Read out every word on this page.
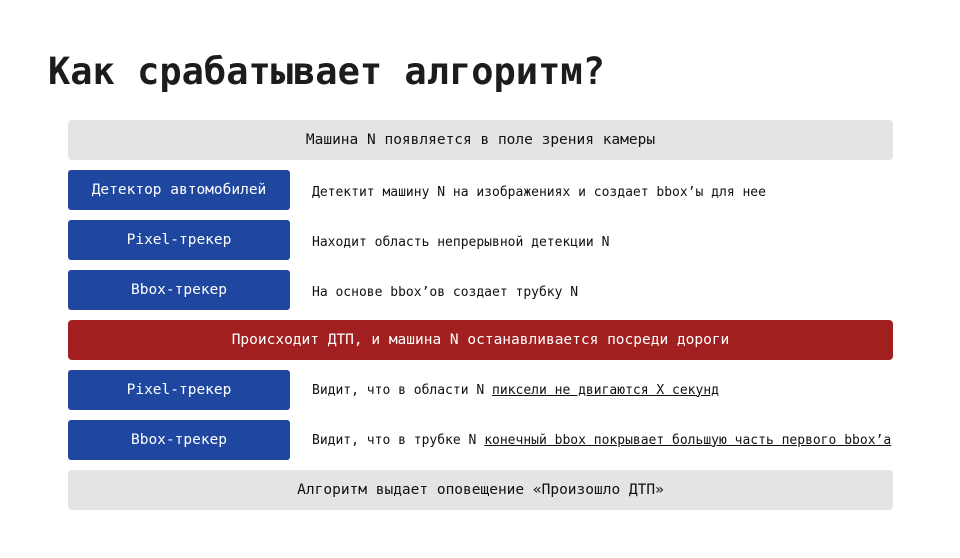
Как срабатывает алгоритм?
Машина N появляется в поле зрения камеры
Детектор автомобилей	Детектит машину N на изображениях и создает bbox’ы для нее
Pixel-трекер	Находит область непрерывной детекции N
Bbox-трекер	На основе bbox’ов создает трубку N
Происходит ДТП, и машина N останавливается посреди дороги
Pixel-трекер	Видит, что в области N пиксели не двигаются X секунд
Bbox-трекер	Видит, что в трубке N конечный bbox покрывает большую часть первого bbox’a
Алгоритм выдает оповещение «Произошло ДТП»
